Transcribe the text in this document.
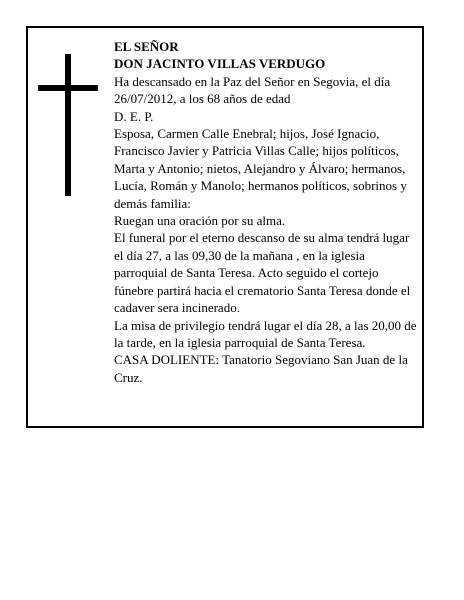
EL SEÑOR

DON JACINTO VILLAS VERDUGO

Ha descansado en la Paz del Señor en Segovia, el día 26/07/2012, a los 68 años de edad

D. E. P.

Esposa, Carmen Calle Enebral; hijos, José Ignacio, Francisco Javier y Patricia Villas Calle; hijos políticos, Marta y Antonio; nietos, Alejandro y Álvaro; hermanos, Lucía, Román y Manolo; hermanos políticos, sobrinos y demás familia:

Ruegan una oración por su alma.

El funeral por el eterno descanso de su alma tendrá lugar el día 27, a las 09,30 de la mañana , en la iglesia parroquial de Santa Teresa. Acto seguido el cortejo fúnebre partirá hacia el crematorio Santa Teresa donde el cadaver sera incinerado.

La misa de privilegio tendrá lugar el día 28, a las 20,00 de la tarde, en la iglesia parroquial de Santa Teresa.

CASA DOLIENTE: Tanatorio Segoviano San Juan de la Cruz.
